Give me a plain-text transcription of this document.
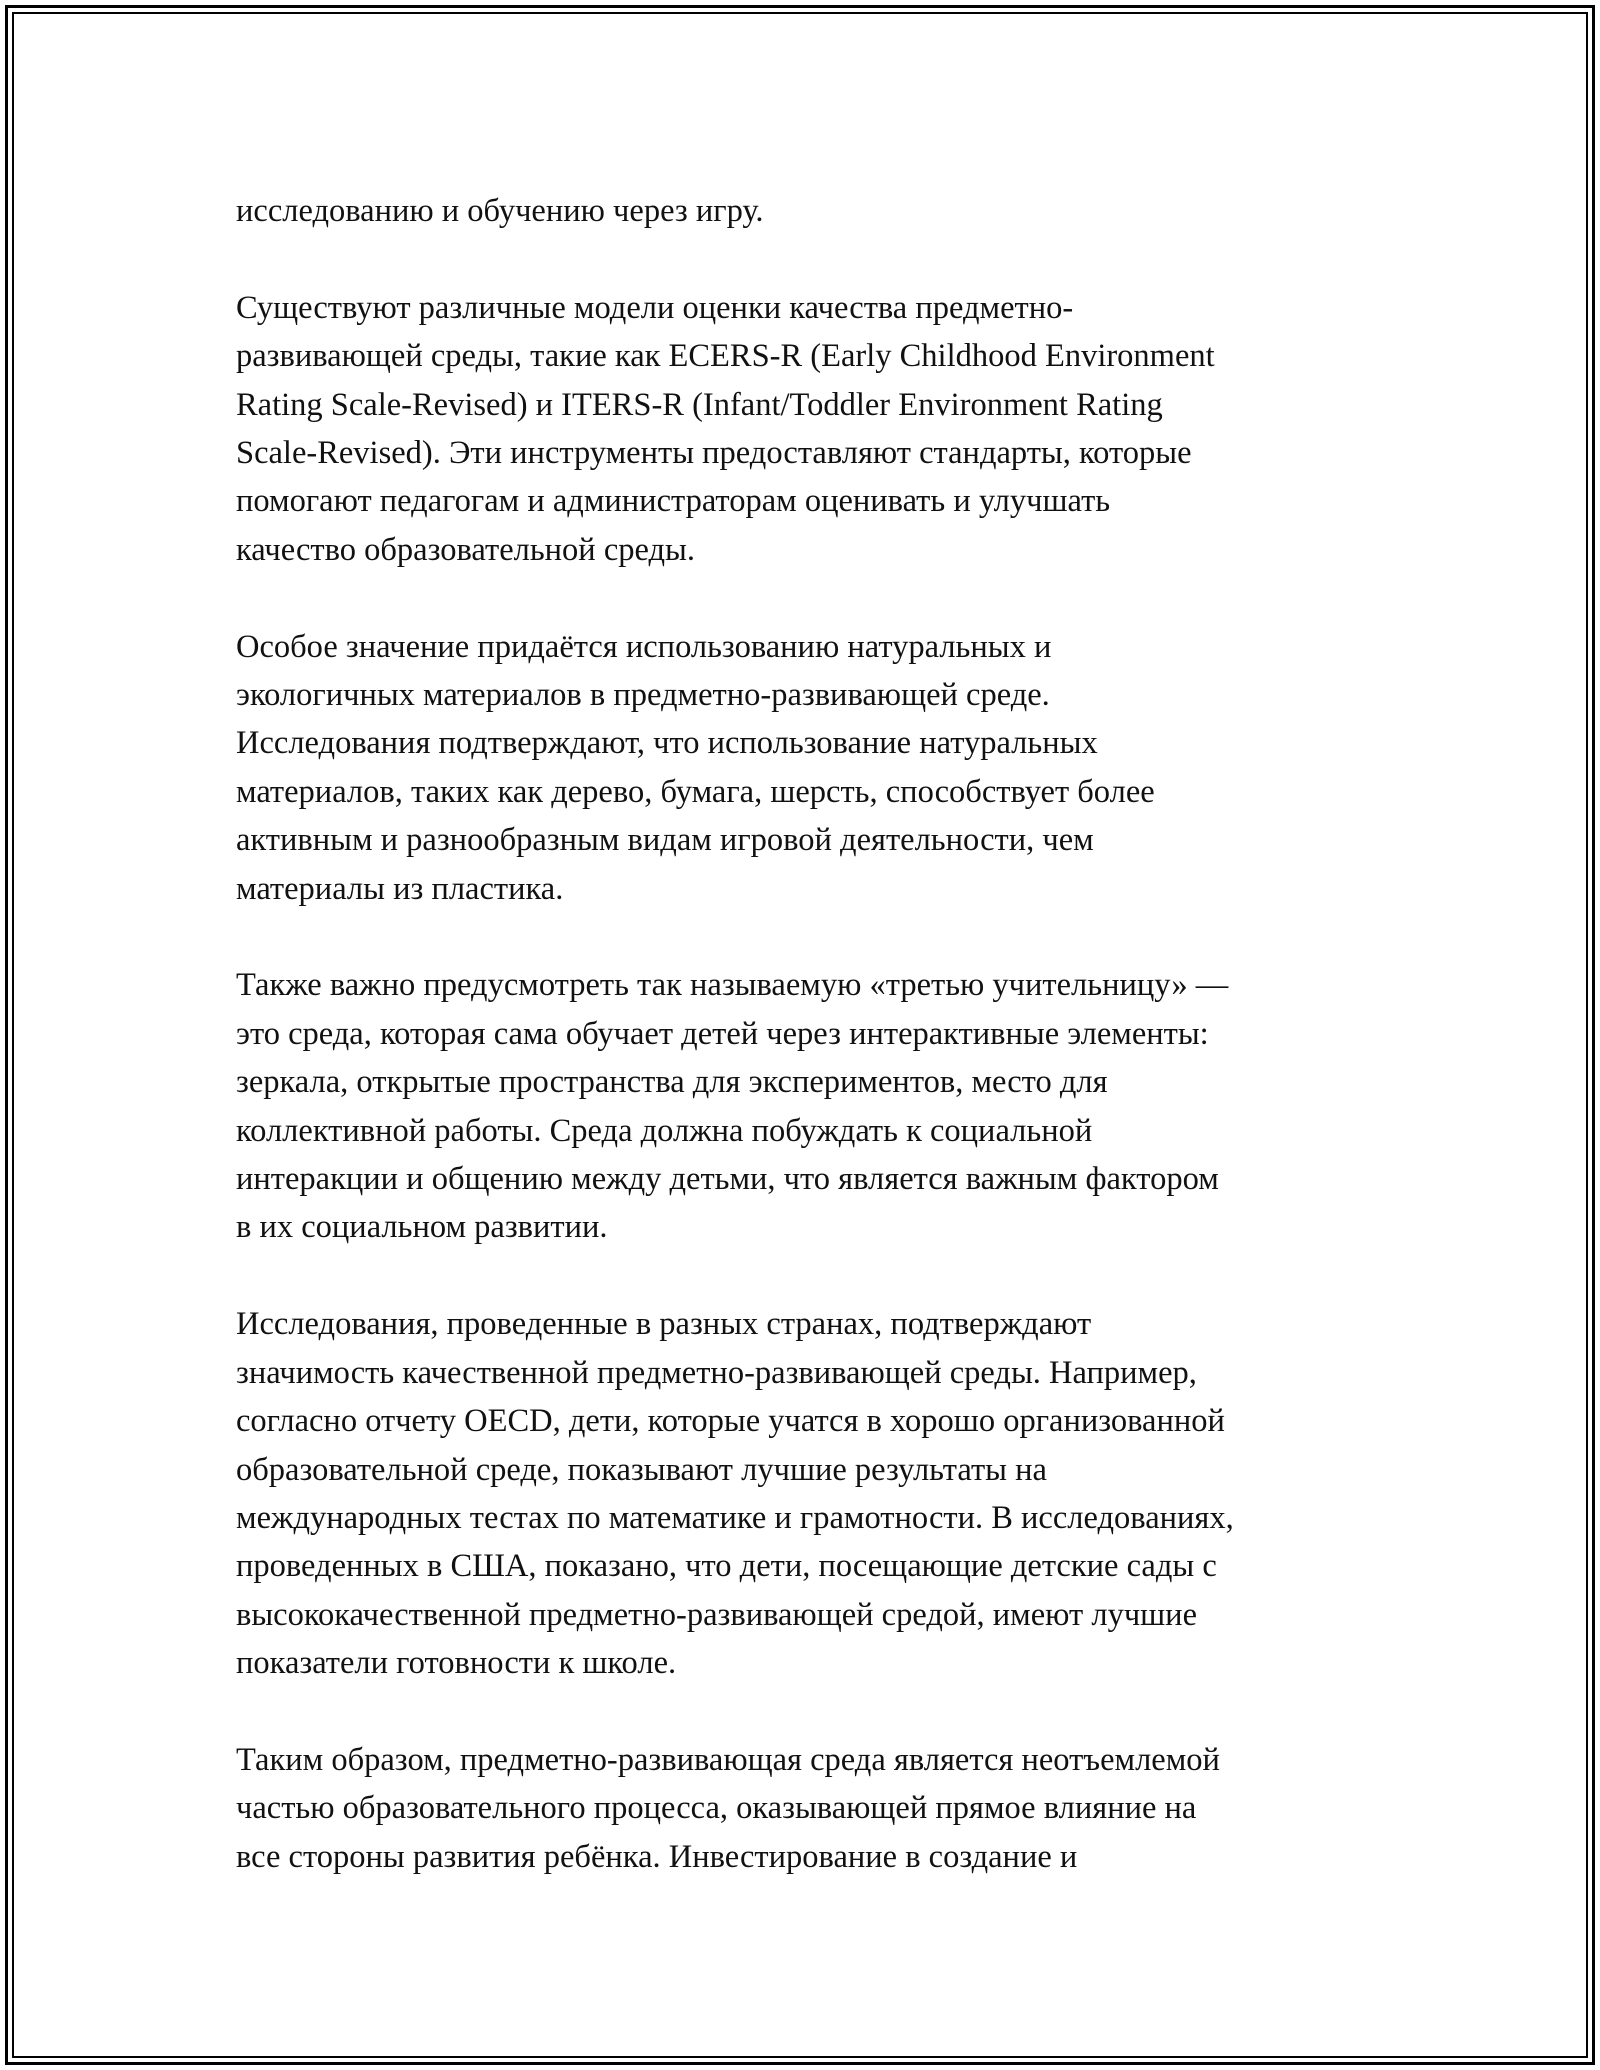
исследованию и обучению через игру.

Существуют различные модели оценки качества предметно-
развивающей среды, такие как ECERS-R (Early Childhood Environment
Rating Scale-Revised) и ITERS-R (Infant/Toddler Environment Rating
Scale-Revised). Эти инструменты предоставляют стандарты, которые
помогают педагогам и администраторам оценивать и улучшать
качество образовательной среды.

Особое значение придаётся использованию натуральных и
экологичных материалов в предметно-развивающей среде.
Исследования подтверждают, что использование натуральных
материалов, таких как дерево, бумага, шерсть, способствует более
активным и разнообразным видам игровой деятельности, чем
материалы из пластика.

Также важно предусмотреть так называемую «третью учительницу» —
это среда, которая сама обучает детей через интерактивные элементы:
зеркала, открытые пространства для экспериментов, место для
коллективной работы. Среда должна побуждать к социальной
интеракции и общению между детьми, что является важным фактором
в их социальном развитии.

Исследования, проведенные в разных странах, подтверждают
значимость качественной предметно-развивающей среды. Например,
согласно отчету OECD, дети, которые учатся в хорошо организованной
образовательной среде, показывают лучшие результаты на
международных тестах по математике и грамотности. В исследованиях,
проведенных в США, показано, что дети, посещающие детские сады с
высококачественной предметно-развивающей средой, имеют лучшие
показатели готовности к школе.

Таким образом, предметно-развивающая среда является неотъемлемой
частью образовательного процесса, оказывающей прямое влияние на
все стороны развития ребёнка. Инвестирование в создание и
